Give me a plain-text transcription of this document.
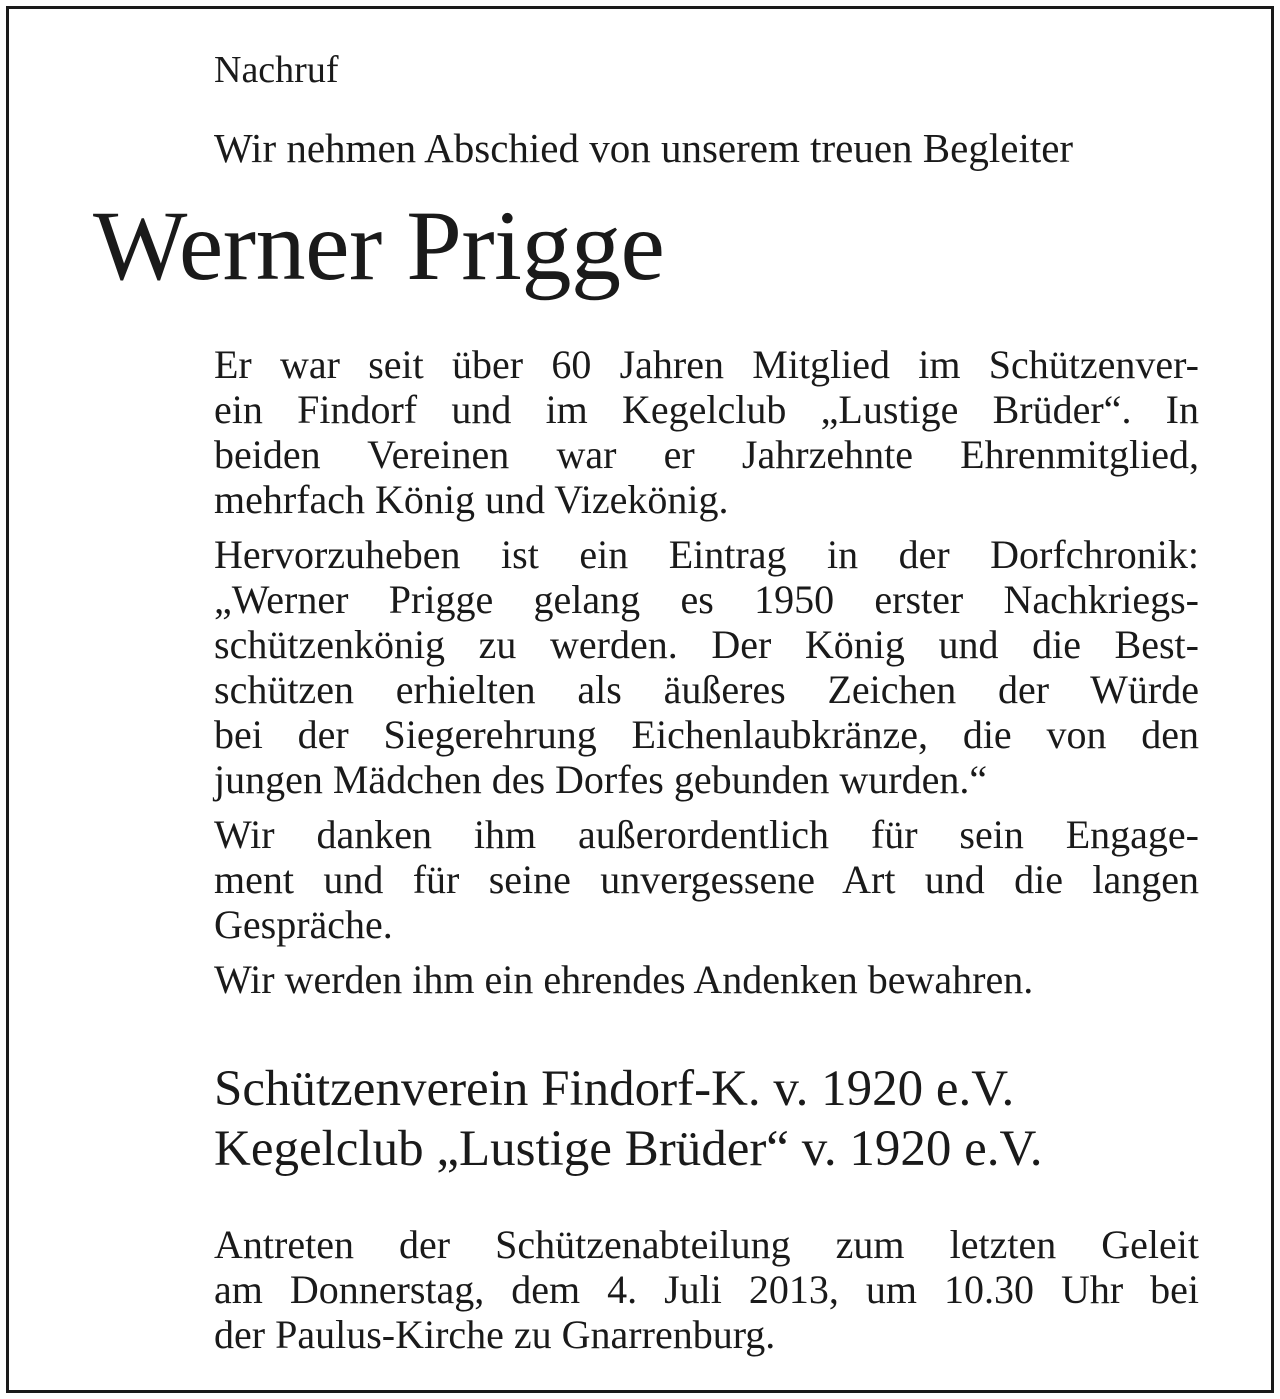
Nachruf

Wir nehmen Abschied von unserem treuen Begleiter

Werner Prigge

Er war seit über 60 Jahren Mitglied im Schützenver-
ein Findorf und im Kegelclub „Lustige Brüder“. In
beiden Vereinen war er Jahrzehnte Ehrenmitglied,
mehrfach König und Vizekönig.

Hervorzuheben ist ein Eintrag in der Dorfchronik:
„Werner Prigge gelang es 1950 erster Nachkriegs-
schützenkönig zu werden. Der König und die Best-
schützen erhielten als äußeres Zeichen der Würde
bei der Siegerehrung Eichenlaubkränze, die von den
jungen Mädchen des Dorfes gebunden wurden.“

Wir danken ihm außerordentlich für sein Engage-
ment und für seine unvergessene Art und die langen
Gespräche.

Wir werden ihm ein ehrendes Andenken bewahren.

Schützenverein Findorf-K. v. 1920 e.V.
Kegelclub „Lustige Brüder“ v. 1920 e.V.
Antreten der Schützenabteilung zum letzten Geleit
am Donnerstag, dem 4. Juli 2013, um 10.30 Uhr bei
der Paulus-Kirche zu Gnarrenburg.
